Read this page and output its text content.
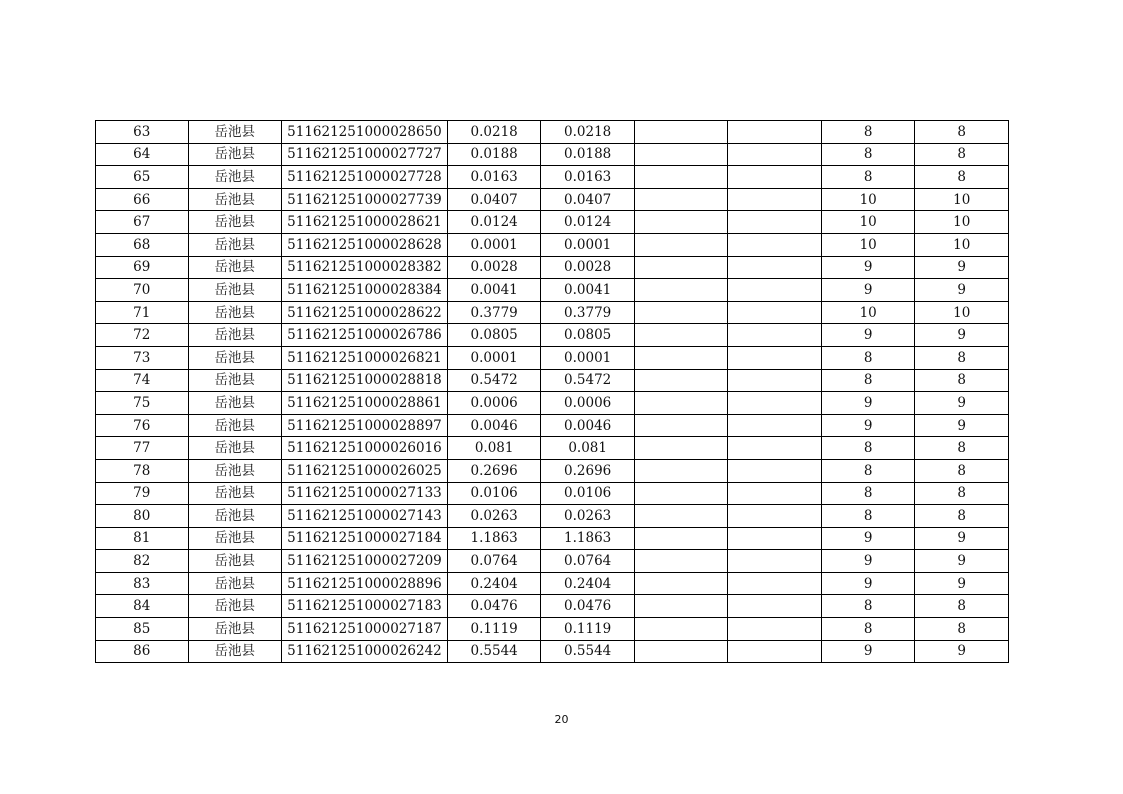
63	岳池县	511621251000028650	0.0218	0.0218			8	8
64	岳池县	511621251000027727	0.0188	0.0188			8	8
65	岳池县	511621251000027728	0.0163	0.0163			8	8
66	岳池县	511621251000027739	0.0407	0.0407			10	10
67	岳池县	511621251000028621	0.0124	0.0124			10	10
68	岳池县	511621251000028628	0.0001	0.0001			10	10
69	岳池县	511621251000028382	0.0028	0.0028			9	9
70	岳池县	511621251000028384	0.0041	0.0041			9	9
71	岳池县	511621251000028622	0.3779	0.3779			10	10
72	岳池县	511621251000026786	0.0805	0.0805			9	9
73	岳池县	511621251000026821	0.0001	0.0001			8	8
74	岳池县	511621251000028818	0.5472	0.5472			8	8
75	岳池县	511621251000028861	0.0006	0.0006			9	9
76	岳池县	511621251000028897	0.0046	0.0046			9	9
77	岳池县	511621251000026016	0.081	0.081			8	8
78	岳池县	511621251000026025	0.2696	0.2696			8	8
79	岳池县	511621251000027133	0.0106	0.0106			8	8
80	岳池县	511621251000027143	0.0263	0.0263			8	8
81	岳池县	511621251000027184	1.1863	1.1863			9	9
82	岳池县	511621251000027209	0.0764	0.0764			9	9
83	岳池县	511621251000028896	0.2404	0.2404			9	9
84	岳池县	511621251000027183	0.0476	0.0476			8	8
85	岳池县	511621251000027187	0.1119	0.1119			8	8
86	岳池县	511621251000026242	0.5544	0.5544			9	9
20
